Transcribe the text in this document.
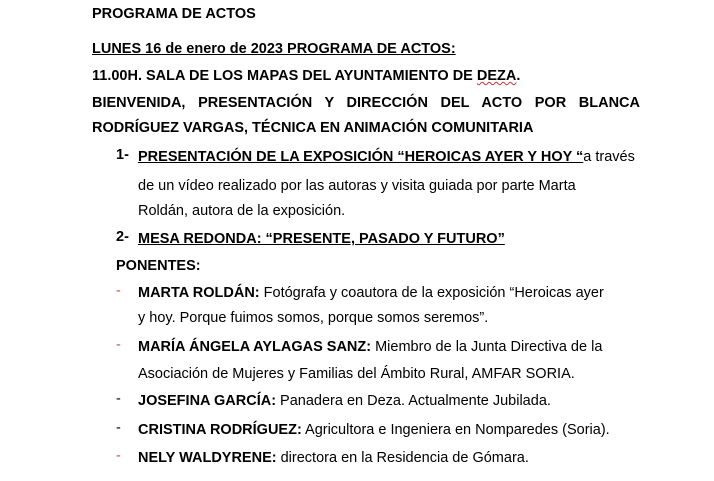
PROGRAMA DE ACTOS
LUNES 16 de enero de 2023 PROGRAMA DE ACTOS:
11.00H. SALA DE LOS MAPAS DEL AYUNTAMIENTO DE DEZA.
BIENVENIDA, PRESENTACIÓN Y DIRECCIÓN DEL ACTO POR BLANCA
RODRÍGUEZ VARGAS, TÉCNICA EN ANIMACIÓN COMUNITARIA
1- PRESENTACIÓN DE LA EXPOSICIÓN “HEROICAS AYER Y HOY “a través
de un vídeo realizado por las autoras y visita guiada por parte Marta
Roldán, autora de la exposición.
2- MESA REDONDA: “PRESENTE, PASADO Y FUTURO”
PONENTES:
- MARTA ROLDÁN: Fotógrafa y coautora de la exposición “Heroicas ayer
y hoy. Porque fuimos somos, porque somos seremos”.
- MARÍA ÁNGELA AYLAGAS SANZ: Miembro de la Junta Directiva de la
Asociación de Mujeres y Familias del Ámbito Rural, AMFAR SORIA.
- JOSEFINA GARCÍA: Panadera en Deza. Actualmente Jubilada.
- CRISTINA RODRÍGUEZ: Agricultora e Ingeniera en Nomparedes (Soria).
- NELY WALDYRENE: directora en la Residencia de Gómara.
